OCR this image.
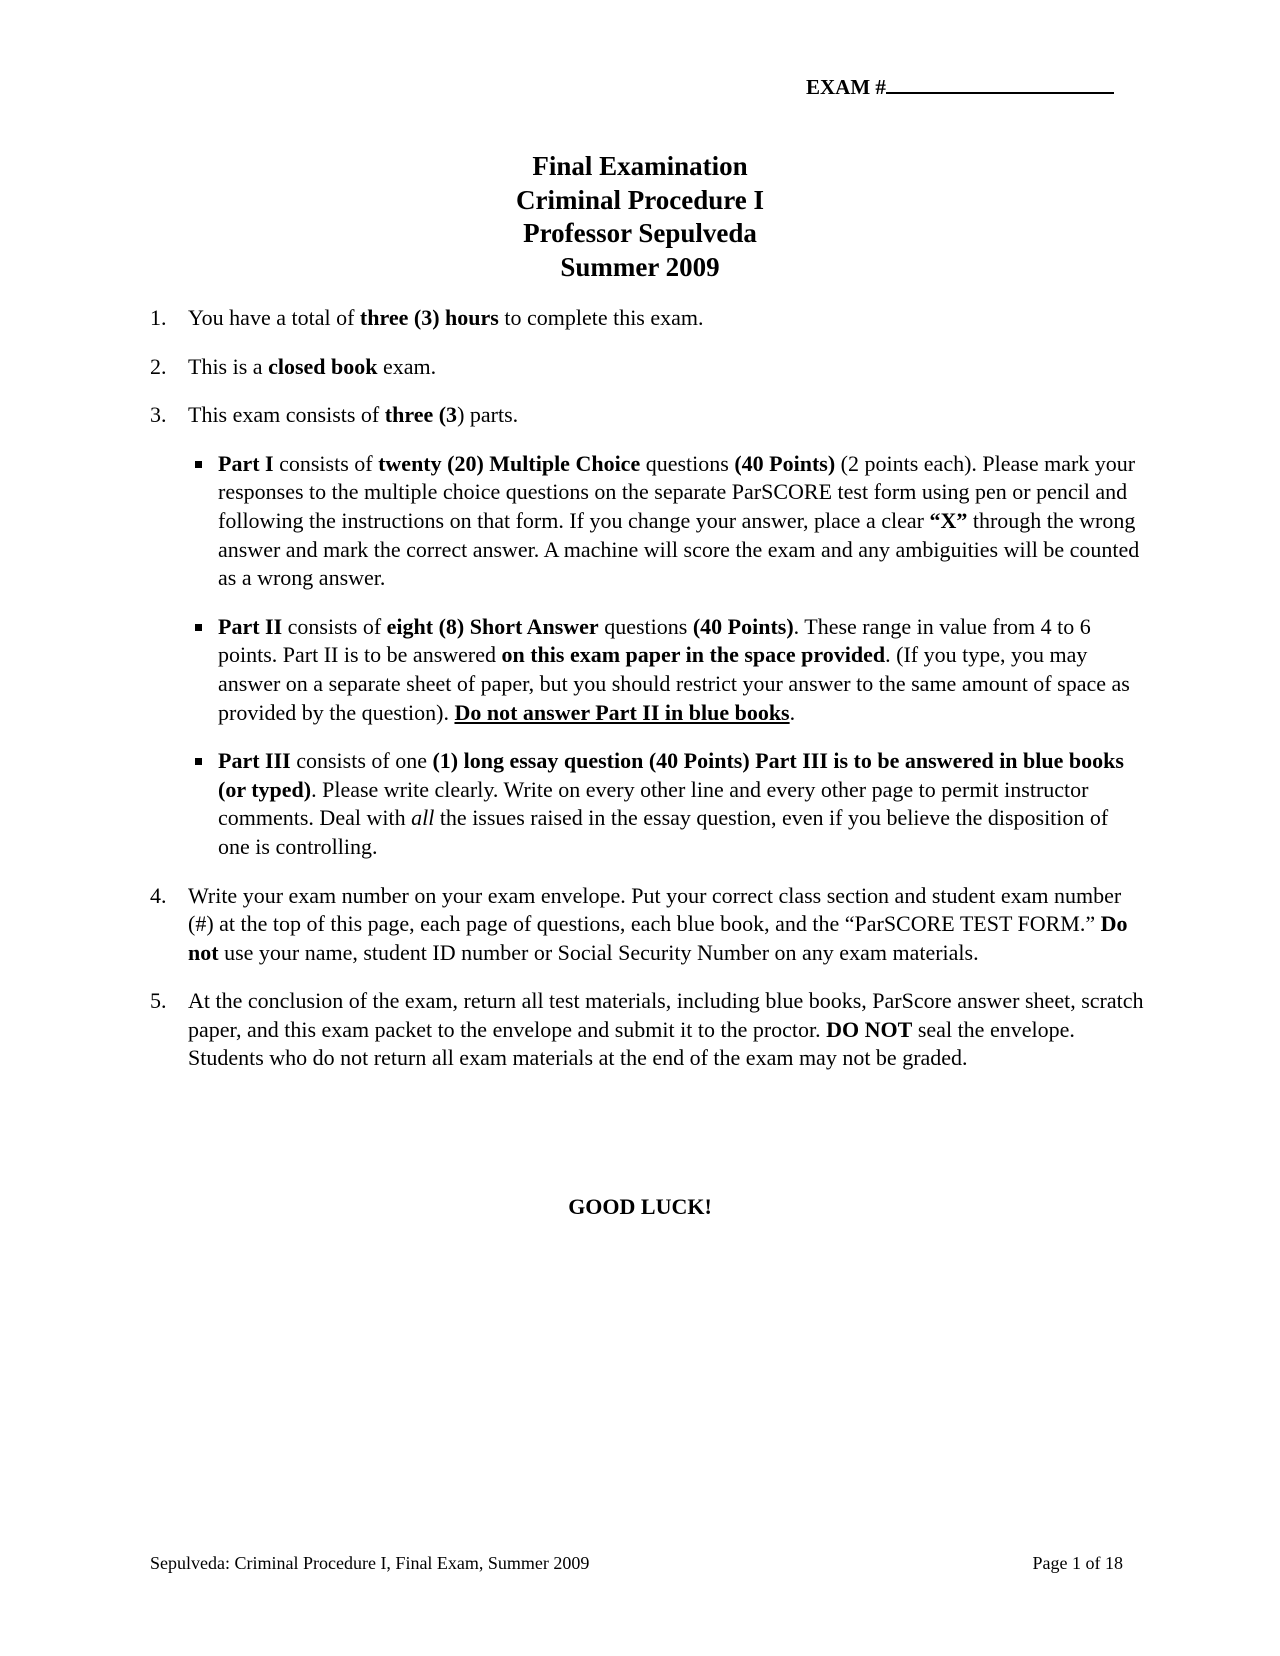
EXAM #
Final Examination
Criminal Procedure I
Professor Sepulveda
Summer 2009
1. You have a total of three (3) hours to complete this exam.
2. This is a closed book exam.
3. This exam consists of three (3) parts.
Part I consists of twenty (20) Multiple Choice questions (40 Points) (2 points each). Please mark your responses to the multiple choice questions on the separate ParSCORE test form using pen or pencil and following the instructions on that form. If you change your answer, place a clear “X” through the wrong answer and mark the correct answer. A machine will score the exam and any ambiguities will be counted as a wrong answer.
Part II consists of eight (8) Short Answer questions (40 Points). These range in value from 4 to 6 points. Part II is to be answered on this exam paper in the space provided. (If you type, you may answer on a separate sheet of paper, but you should restrict your answer to the same amount of space as provided by the question). Do not answer Part II in blue books.
Part III consists of one (1) long essay question (40 Points) Part III is to be answered in blue books (or typed). Please write clearly. Write on every other line and every other page to permit instructor comments. Deal with all the issues raised in the essay question, even if you believe the disposition of one is controlling.
4. Write your exam number on your exam envelope. Put your correct class section and student exam number (#) at the top of this page, each page of questions, each blue book, and the “ParSCORE TEST FORM.” Do not use your name, student ID number or Social Security Number on any exam materials.
5. At the conclusion of the exam, return all test materials, including blue books, ParScore answer sheet, scratch paper, and this exam packet to the envelope and submit it to the proctor. DO NOT seal the envelope. Students who do not return all exam materials at the end of the exam may not be graded.
GOOD LUCK!
Sepulveda: Criminal Procedure I, Final Exam, Summer 2009	Page 1 of 18
